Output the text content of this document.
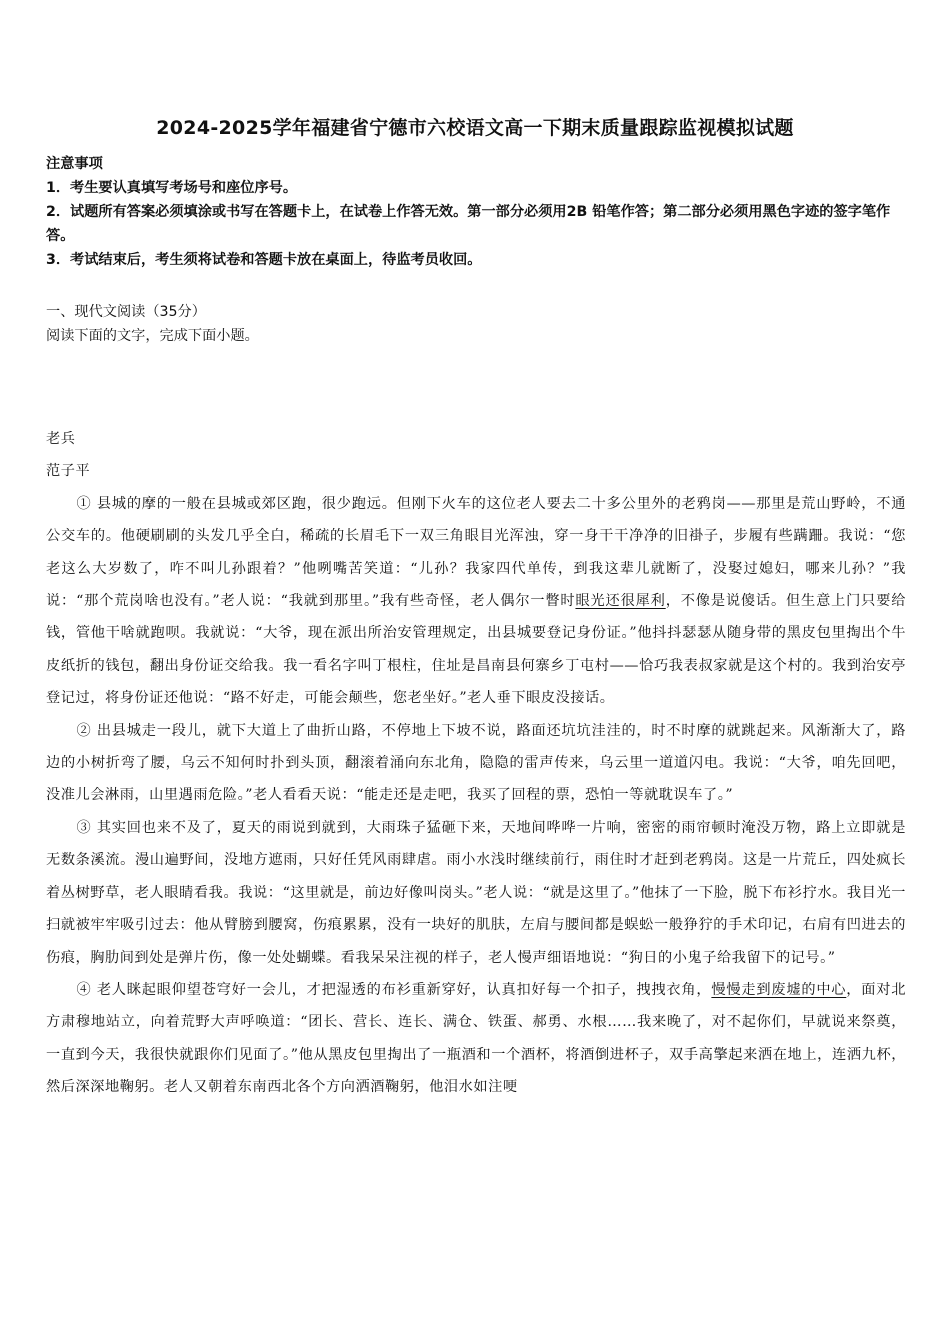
2024-2025学年福建省宁德市六校语文高一下期末质量跟踪监视模拟试题

注意事项

1．考生要认真填写考场号和座位序号。

2．试题所有答案必须填涂或书写在答题卡上，在试卷上作答无效。第一部分必须用2B 铅笔作答；第二部分必须用黑色字迹的签字笔作答。

3．考试结束后，考生须将试卷和答题卡放在桌面上，待监考员收回。

一、现代文阅读（35分）

阅读下面的文字，完成下面小题。

老兵

范子平

① 县城的摩的一般在县城或郊区跑，很少跑远。但刚下火车的这位老人要去二十多公里外的老鸦岗——那里是荒山野岭，不通公交车的。他硬刷刷的头发几乎全白，稀疏的长眉毛下一双三角眼目光浑浊，穿一身干干净净的旧褂子，步履有些蹒跚。我说：“您老这么大岁数了，咋不叫儿孙跟着？”他咧嘴苦笑道：“儿孙？我家四代单传，到我这辈儿就断了，没娶过媳妇，哪来儿孙？”我说：“那个荒岗啥也没有。”老人说：“我就到那里。”我有些奇怪，老人偶尔一瞥时眼光还很犀利，不像是说傻话。但生意上门只要给钱，管他干啥就跑呗。我就说：“大爷，现在派出所治安管理规定，出县城要登记身份证。”他抖抖瑟瑟从随身带的黑皮包里掏出个牛皮纸折的钱包，翻出身份证交给我。我一看名字叫丁根柱，住址是昌南县何寨乡丁屯村——恰巧我表叔家就是这个村的。我到治安亭登记过，将身份证还他说：“路不好走，可能会颠些，您老坐好。”老人垂下眼皮没接话。

② 出县城走一段儿，就下大道上了曲折山路，不停地上下坡不说，路面还坑坑洼洼的，时不时摩的就跳起来。风渐渐大了，路边的小树折弯了腰，乌云不知何时扑到头顶，翻滚着涌向东北角，隐隐的雷声传来，乌云里一道道闪电。我说：“大爷，咱先回吧，没准儿会淋雨，山里遇雨危险。”老人看看天说：“能走还是走吧，我买了回程的票，恐怕一等就耽误车了。”

③ 其实回也来不及了，夏天的雨说到就到，大雨珠子猛砸下来，天地间哗哗一片响，密密的雨帘顿时淹没万物，路上立即就是无数条溪流。漫山遍野间，没地方遮雨，只好任凭风雨肆虐。雨小水浅时继续前行，雨住时才赶到老鸦岗。这是一片荒丘，四处疯长着丛树野草，老人眼睛看我。我说：“这里就是，前边好像叫岗头。”老人说：“就是这里了。”他抹了一下脸，脱下布衫拧水。我目光一扫就被牢牢吸引过去：他从臂膀到腰窝，伤痕累累，没有一块好的肌肤，左肩与腰间都是蜈蚣一般狰狞的手术印记，右肩有凹进去的伤痕，胸肋间到处是弹片伤，像一处处蝴蝶。看我呆呆注视的样子，老人慢声细语地说：“狗日的小鬼子给我留下的记号。”

④ 老人眯起眼仰望苍穹好一会儿，才把湿透的布衫重新穿好，认真扣好每一个扣子，拽拽衣角，慢慢走到废墟的中心，面对北方肃穆地站立，向着荒野大声呼唤道：“团长、营长、连长、满仓、铁蛋、郝勇、水根……我来晚了，对不起你们，早就说来祭奠，一直到今天，我很快就跟你们见面了。”他从黑皮包里掏出了一瓶酒和一个酒杯，将酒倒进杯子，双手高擎起来洒在地上，连洒九杯，然后深深地鞠躬。老人又朝着东南西北各个方向洒酒鞠躬，他泪水如注哽
